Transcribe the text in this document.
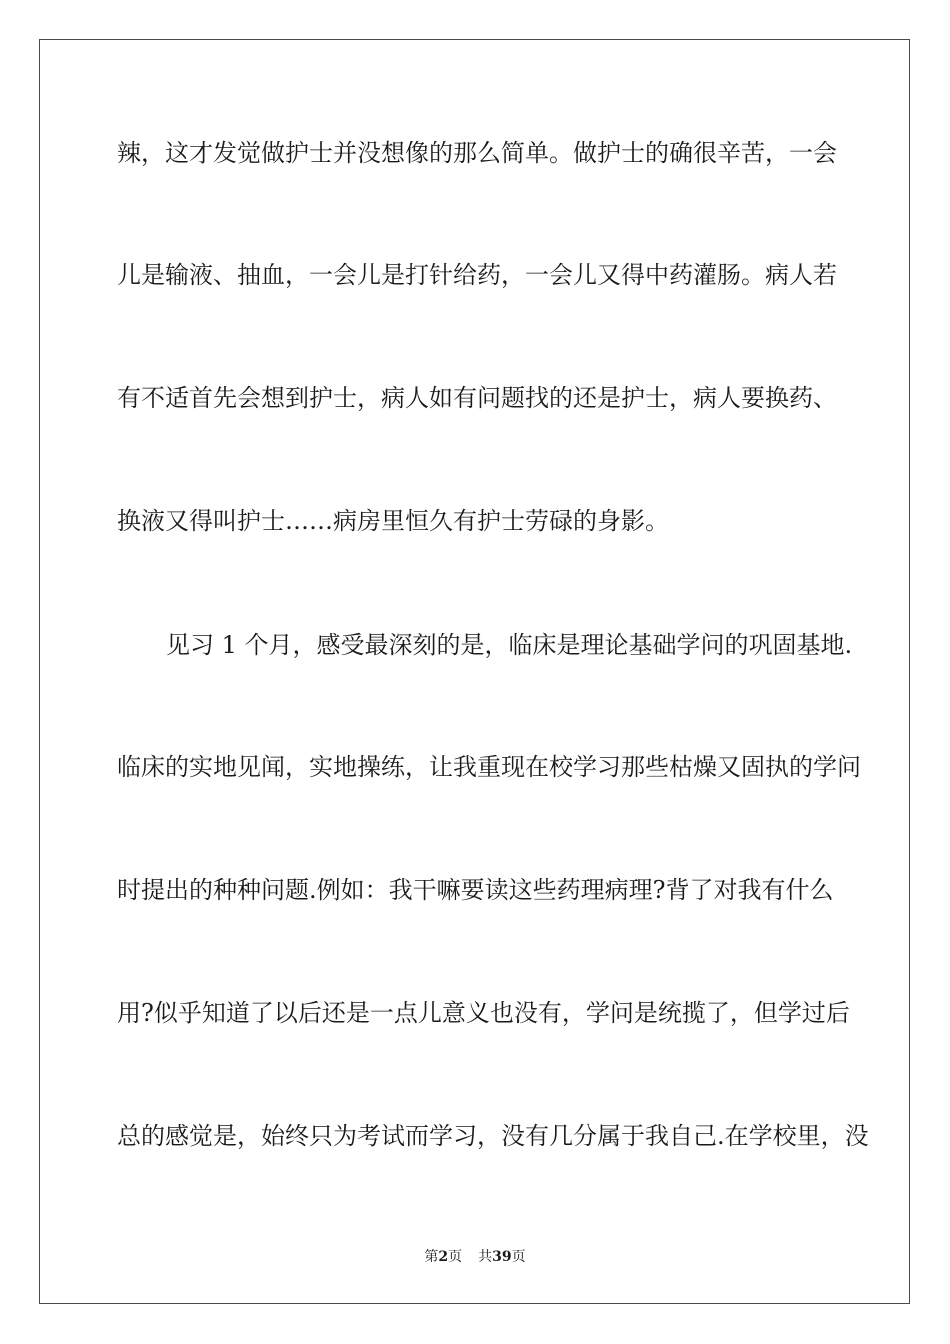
辣，这才发觉做护士并没想像的那么简单。做护士的确很辛苦，一会
儿是输液、抽血，一会儿是打针给药，一会儿又得中药灌肠。病人若
有不适首先会想到护士，病人如有问题找的还是护士，病人要换药、
换液又得叫护士……病房里恒久有护士劳碌的身影。
见习 1 个月，感受最深刻的是，临床是理论基础学问的巩固基地.
临床的实地见闻，实地操练，让我重现在校学习那些枯燥又固执的学问
时提出的种种问题.例如：我干嘛要读这些药理病理?背了对我有什么
用?似乎知道了以后还是一点儿意义也没有，学问是统揽了，但学过后
总的感觉是，始终只为考试而学习，没有几分属于我自己.在学校里，没
第2页 共39页
